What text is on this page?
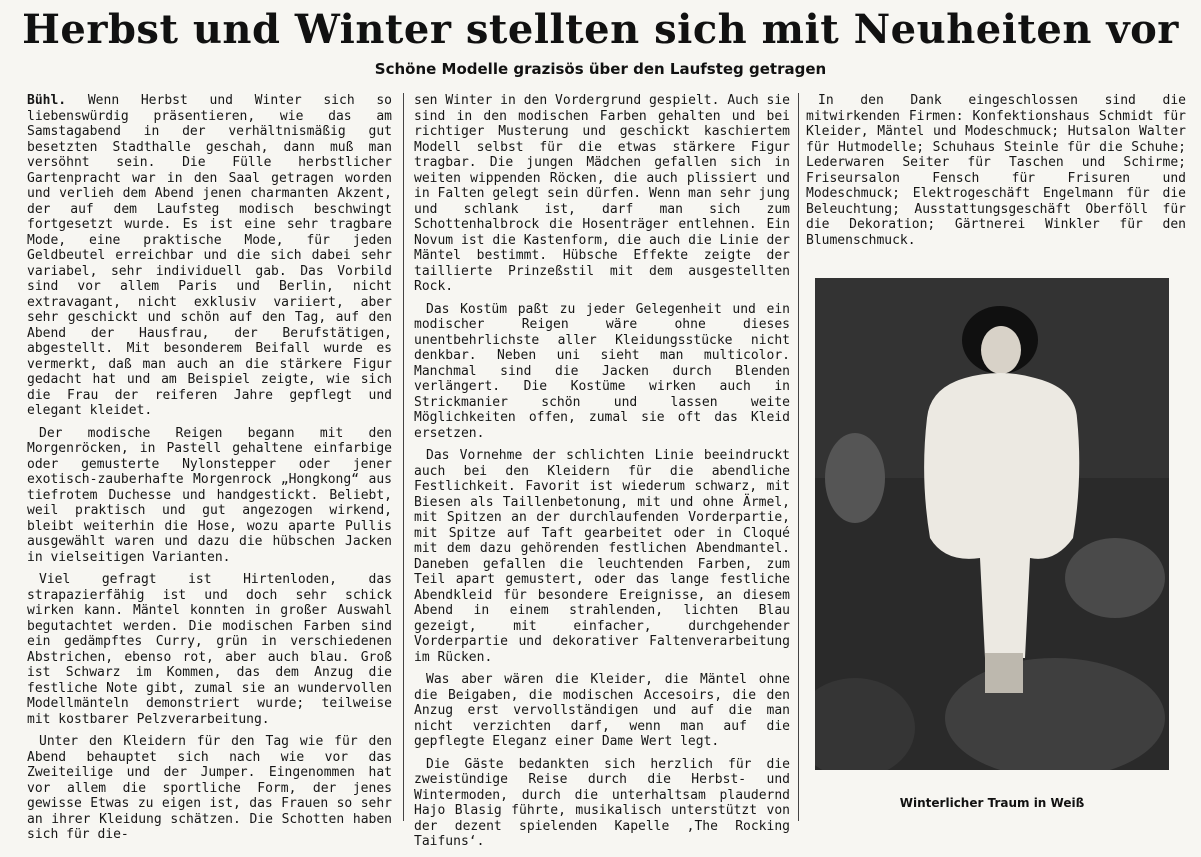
Herbst und Winter stellten sich mit Neuheiten vor
Schöne Modelle grazisös über den Laufsteg getragen

Bühl. Wenn Herbst und Winter sich so liebenswürdig präsentieren, wie das am Samstagabend in der verhältnismäßig gut besetzten Stadthalle geschah, dann muß man versöhnt sein. Die Fülle herbstlicher Gartenpracht war in den Saal getragen worden und verlieh dem Abend jenen charmanten Akzent, der auf dem Laufsteg modisch beschwingt fortgesetzt wurde. Es ist eine sehr tragbare Mode, eine praktische Mode, für jeden Geldbeutel erreichbar und die sich dabei sehr variabel, sehr individuell gab. Das Vorbild sind vor allem Paris und Berlin, nicht extravagant, nicht exklusiv variiert, aber sehr geschickt und schön auf den Tag, auf den Abend der Hausfrau, der Berufstätigen, abgestellt. Mit besonderem Beifall wurde es vermerkt, daß man auch an die stärkere Figur gedacht hat und am Beispiel zeigte, wie sich die Frau der reiferen Jahre gepflegt und elegant kleidet.

Der modische Reigen begann mit den Morgenröcken, in Pastell gehaltene einfarbige oder gemusterte Nylonstepper oder jener exotisch-zauberhafte Morgenrock „Hongkong“ aus tiefrotem Duchesse und handgestickt. Beliebt, weil praktisch und gut angezogen wirkend, bleibt weiterhin die Hose, wozu aparte Pullis ausgewählt waren und dazu die hübschen Jacken in vielseitigen Varianten.

Viel gefragt ist Hirtenloden, das strapazierfähig ist und doch sehr schick wirken kann. Mäntel konnten in großer Auswahl begutachtet werden. Die modischen Farben sind ein gedämpftes Curry, grün in verschiedenen Abstrichen, ebenso rot, aber auch blau. Groß ist Schwarz im Kommen, das dem Anzug die festliche Note gibt, zumal sie an wundervollen Modellmänteln demonstriert wurde; teilweise mit kostbarer Pelzverarbeitung.

Unter den Kleidern für den Tag wie für den Abend behauptet sich nach wie vor das Zweiteilige und der Jumper. Eingenommen hat vor allem die sportliche Form, der jenes gewisse Etwas zu eigen ist, das Frauen so sehr an ihrer Kleidung schätzen. Die Schotten haben sich für die-

sen Winter in den Vordergrund gespielt. Auch sie sind in den modischen Farben gehalten und bei richtiger Musterung und geschickt kaschiertem Modell selbst für die etwas stärkere Figur tragbar. Die jungen Mädchen gefallen sich in weiten wippenden Röcken, die auch plissiert und in Falten gelegt sein dürfen. Wenn man sehr jung und schlank ist, darf man sich zum Schottenhalbrock die Hosenträger entlehnen. Ein Novum ist die Kastenform, die auch die Linie der Mäntel bestimmt. Hübsche Effekte zeigte der taillierte Prinzeßstil mit dem ausgestellten Rock.

Das Kostüm paßt zu jeder Gelegenheit und ein modischer Reigen wäre ohne dieses unentbehrlichste aller Kleidungsstücke nicht denkbar. Neben uni sieht man multicolor. Manchmal sind die Jacken durch Blenden verlängert. Die Kostüme wirken auch in Strickmanier schön und lassen weite Möglichkeiten offen, zumal sie oft das Kleid ersetzen.

Das Vornehme der schlichten Linie beeindruckt auch bei den Kleidern für die abendliche Festlichkeit. Favorit ist wiederum schwarz, mit Biesen als Taillenbetonung, mit und ohne Ärmel, mit Spitzen an der durchlaufenden Vorderpartie, mit Spitze auf Taft gearbeitet oder in Cloqué mit dem dazu gehörenden festlichen Abendmantel. Daneben gefallen die leuchtenden Farben, zum Teil apart gemustert, oder das lange festliche Abendkleid für besondere Ereignisse, an diesem Abend in einem strahlenden, lichten Blau gezeigt, mit einfacher, durchgehender Vorderpartie und dekorativer Faltenverarbeitung im Rücken.

Was aber wären die Kleider, die Mäntel ohne die Beigaben, die modischen Accesoirs, die den Anzug erst vervollständigen und auf die man nicht verzichten darf, wenn man auf die gepflegte Eleganz einer Dame Wert legt.

Die Gäste bedankten sich herzlich für die zweistündige Reise durch die Herbst- und Wintermoden, durch die unterhaltsam plaudernd Hajo Blasig führte, musikalisch unterstützt von der dezent spielenden Kapelle ‚The Rocking Taifuns‘.

In den Dank eingeschlossen sind die mitwirkenden Firmen: Konfektionshaus Schmidt für Kleider, Mäntel und Modeschmuck; Hutsalon Walter für Hutmodelle; Schuhaus Steinle für die Schuhe; Lederwaren Seiter für Taschen und Schirme; Friseursalon Fensch für Frisuren und Modeschmuck; Elektrogeschäft Engelmann für die Beleuchtung; Ausstattungsgeschäft Oberföll für die Dekoration; Gärtnerei Winkler für den Blumenschmuck.

Winterlicher Traum in Weiß
